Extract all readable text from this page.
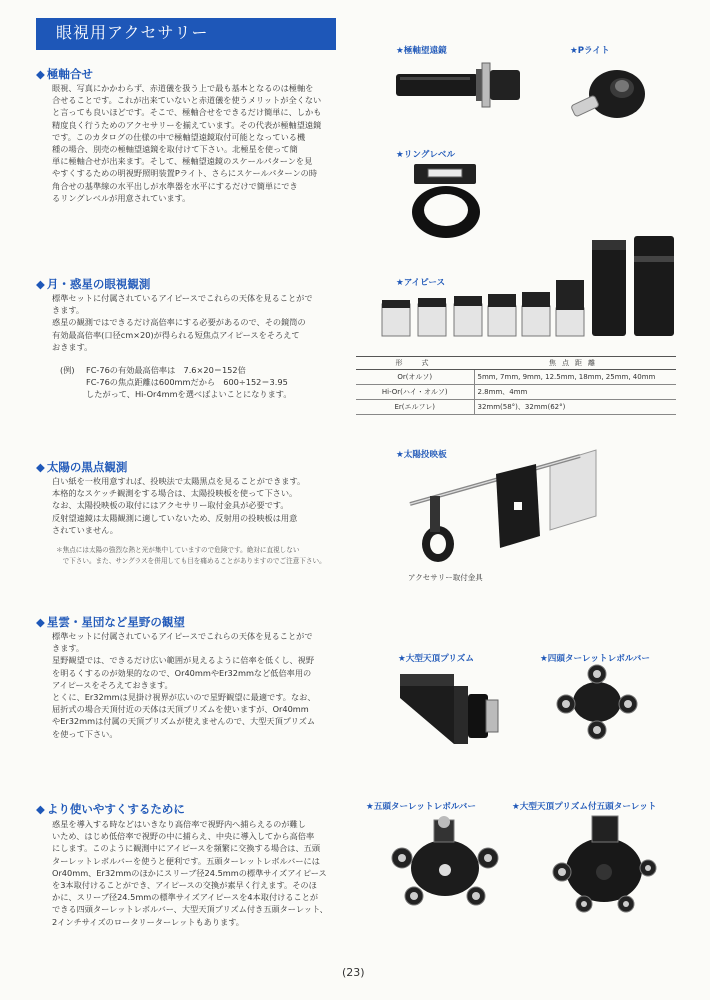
眼視用アクセサリー
◆ 極軸合せ

眼視、写真にかかわらず、赤道儀を扱う上で最も基本となるのは極軸を

合せることです。これが出来ていないと赤道儀を使うメリットが全くない

と言っても良いほどです。そこで、極軸合せをできるだけ簡単に、しかも

精度良く行うためのアクセサリーを揃えています。その代表が極軸望遠鏡

です。このカタログの仕様の中で極軸望遠鏡取付可能となっている機

種の場合、別売の極軸望遠鏡を取付けて下さい。北極星を使って簡

単に極軸合せが出来ます。そして、極軸望遠鏡のスケールパターンを見

やすくするための明視野照明装置Pライト、さらにスケールパターンの時

角合せの基準線の水平出しが水準器を水平にするだけで簡単にでき

るリングレベルが用意されています。

◆ 月・惑星の眼視観測

標準セットに付属されているアイピースでこれらの天体を見ることがで

きます。

惑星の観測ではできるだけ高倍率にする必要があるので、その鏡筒の

有効最高倍率(口径cm×20)が得られる短焦点アイピースをそろえて

おきます。

(例) FC-76の有効最高倍率は　7.6×20＝152倍
FC-76の焦点距離は600mmだから　600÷152＝3.95
したがって、Hi-Or4mmを選べばよいことになります。
◆ 太陽の黒点観測

白い紙を一枚用意すれば、投映法で太陽黒点を見ることができます。

本格的なスケッチ観測をする場合は、太陽投映板を使って下さい。

なお、太陽投映板の取付にはアクセサリー取付金具が必要です。

反射望遠鏡は太陽観測に適していないため、反射用の投映板は用意

されていません。

＊焦点には太陽の強烈な熱と光が集中していますので危険です。絶対に直視しない
　で下さい。また、サングラスを併用しても目を痛めることがありますのでご注意下さい。
◆ 星雲・星団など星野の観望

標準セットに付属されているアイピースでこれらの天体を見ることがで

きます。

星野観望では、できるだけ広い範囲が見えるように倍率を低くし、視野

を明るくするのが効果的なので、Or40mmやEr32mmなど低倍率用の

アイピースをそろえておきます。

とくに、Er32mmは見掛け視界が広いので星野観望に最適です。なお、

屈折式の場合天頂付近の天体は天頂プリズムを使いますが、Or40mm

やEr32mmは付属の天頂プリズムが使えませんので、大型天頂プリズム

を使って下さい。

◆ より使いやすくするために

惑星を導入する時などはいきなり高倍率で視野内へ捕らえるのが難し

いため、はじめ低倍率で視野の中に捕らえ、中央に導入してから高倍率

にします。このように観測中にアイピースを頻繁に交換する場合は、五頭

ターレットレボルバーを使うと便利です。五頭ターレットレボルバーには

Or40mm、Er32mmのほかにスリーブ径24.5mmの標準サイズアイピース

を3本取付けることができ、アイピースの交換が素早く行えます。そのほ

かに、スリーブ径24.5mmの標準サイズアイピースを4本取付けることが

できる四頭ターレットレボルバー、大型天頂プリズム付き五頭ターレット、

2インチサイズのロータリーターレットもあります。

(23)
★極軸望遠鏡	★Pライト
★リングレベル
★アイピース
形　式	焦点距離
Or(オルソ)	5mm, 7mm, 9mm, 12.5mm, 18mm, 25mm, 40mm
Hi-Or(ハイ・オルソ)	2.8mm、4mm
Er(エルフレ)	32mm(58°)、32mm(62°)
★太陽投映板
アクセサリー取付金具
★大型天頂プリズム	★四頭ターレットレボルバー
★五頭ターレットレボルバー	★大型天頂プリズム付五頭ターレット
